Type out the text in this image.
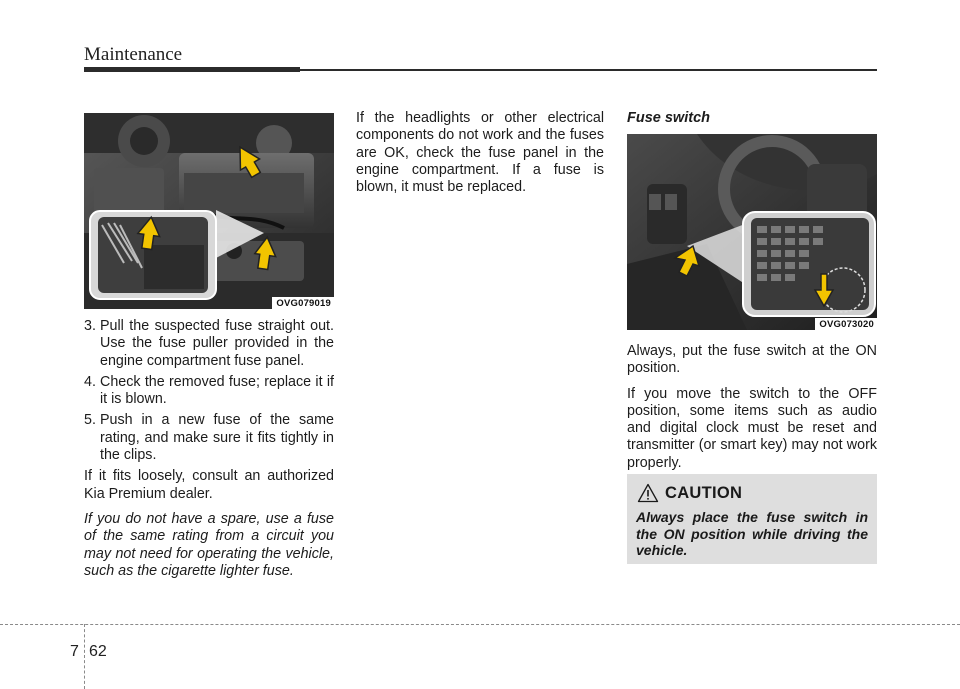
Maintenance
OVG079019
3. Pull the suspected fuse straight out. Use the fuse puller provided in the engine compartment fuse panel.
4. Check the removed fuse; replace it if it is blown.
5. Push in a new fuse of the same rating, and make sure it fits tightly in the clips.
If it fits loosely, consult an authorized Kia Premium dealer.
If you do not have a spare, use a fuse of the same rating from a circuit you may not need for operating the vehicle, such as the cigarette lighter fuse.
If the headlights or other electrical components do not work and the fuses are OK, check the fuse panel in the engine compartment. If a fuse is blown, it must be replaced.
Fuse switch
OVG073020
Always, put the fuse switch at the ON position.
If you move the switch to the OFF position, some items such as audio and digital clock must be reset and transmitter (or smart key) may not work properly.
CAUTION
Always place the fuse switch in the ON position while driving the vehicle.
7 62
